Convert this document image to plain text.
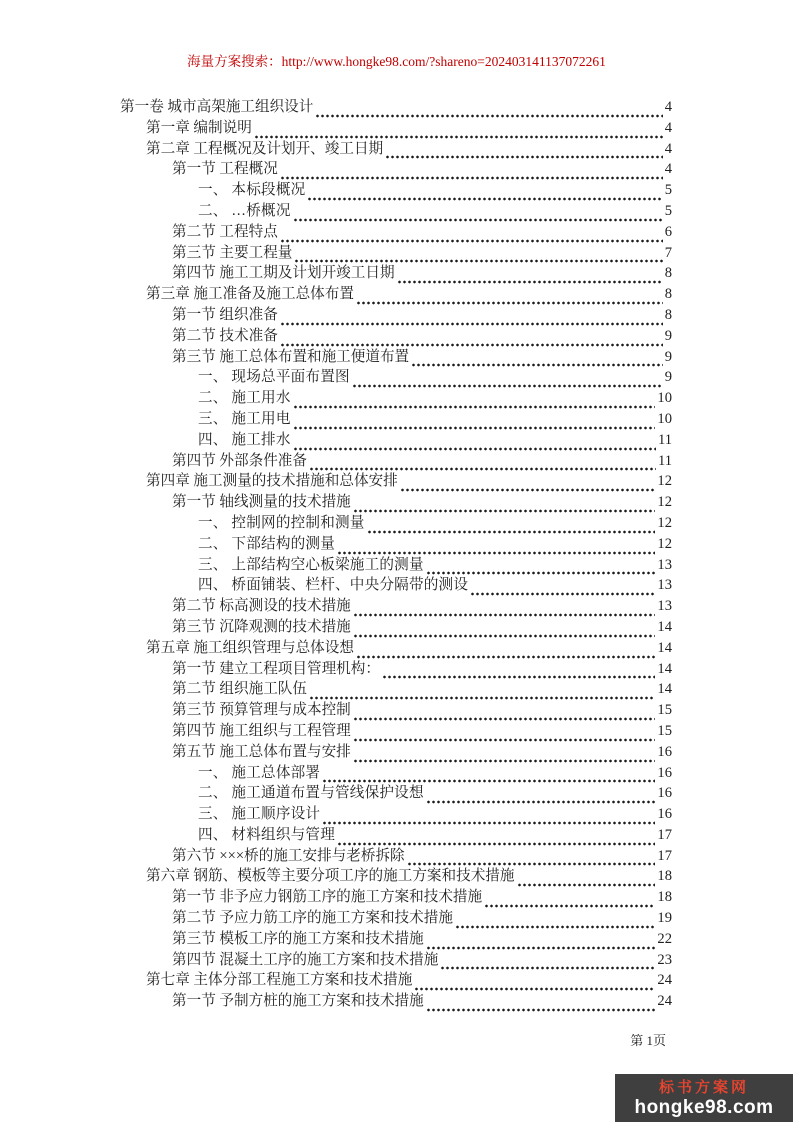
海量方案搜索：http://www.hongke98.com/?shareno=202403141137072261
第一卷 城市高架施工组织设计	4
第一章 编制说明	4
第二章 工程概况及计划开、竣工日期	4
第一节 工程概况	4
一、 本标段概况	5
二、 …桥概况	5
第二节 工程特点	6
第三节 主要工程量	7
第四节 施工工期及计划开竣工日期	8
第三章 施工准备及施工总体布置	8
第一节 组织准备	8
第二节 技术准备	9
第三节 施工总体布置和施工便道布置	9
一、 现场总平面布置图	9
二、 施工用水	10
三、 施工用电	10
四、 施工排水	11
第四节 外部条件准备	11
第四章 施工测量的技术措施和总体安排	12
第一节 轴线测量的技术措施	12
一、 控制网的控制和测量	12
二、 下部结构的测量	12
三、 上部结构空心板梁施工的测量	13
四、 桥面铺装、栏杆、中央分隔带的测设	13
第二节 标高测设的技术措施	13
第三节 沉降观测的技术措施	14
第五章 施工组织管理与总体设想	14
第一节 建立工程项目管理机构：	14
第二节 组织施工队伍	14
第三节 预算管理与成本控制	15
第四节 施工组织与工程管理	15
第五节 施工总体布置与安排	16
一、 施工总体部署	16
二、 施工通道布置与管线保护设想	16
三、 施工顺序设计	16
四、 材料组织与管理	17
第六节 ×××桥的施工安排与老桥拆除	17
第六章 钢筋、模板等主要分项工序的施工方案和技术措施	18
第一节 非予应力钢筋工序的施工方案和技术措施	18
第二节 予应力筋工序的施工方案和技术措施	19
第三节 模板工序的施工方案和技术措施	22
第四节 混凝土工序的施工方案和技术措施	23
第七章 主体分部工程施工方案和技术措施	24
第一节 予制方桩的施工方案和技术措施	24
第 1页
标书方案网
hongke98.com
